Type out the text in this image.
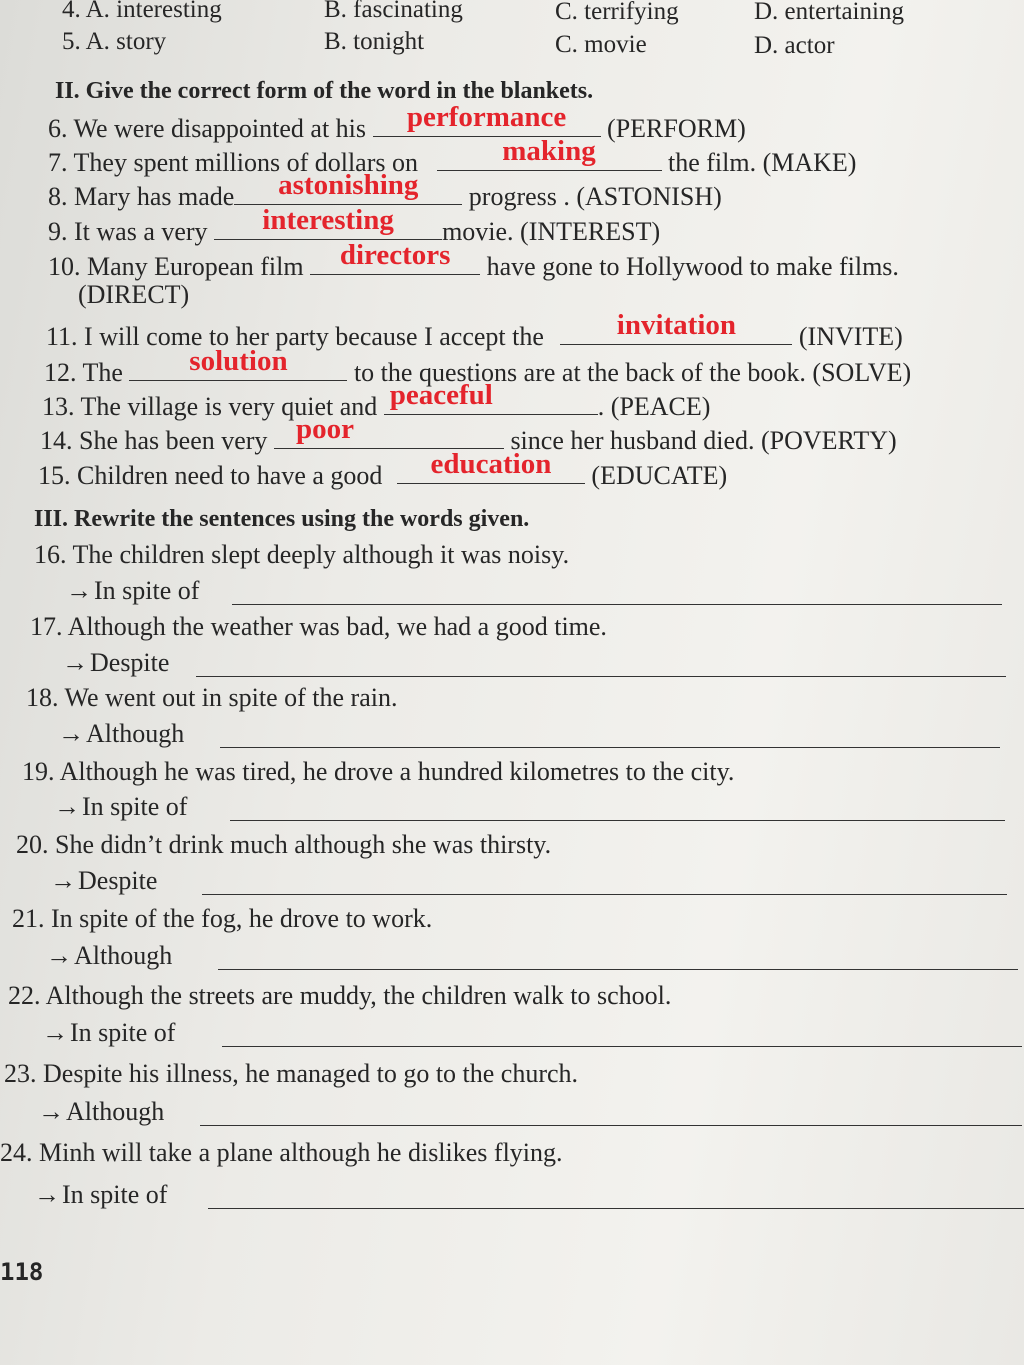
4. A. interesting	B. fascinating	C. terrifying	D. entertaining
5. A. story	B. tonight	C. movie	D. actor
II. Give the correct form of the word in the blankets.
6. We were disappointed at his	performance	(PERFORM)
7. They spent millions of dollars on	making	the film. (MAKE)
8. Mary has made	astonishing	progress . (ASTONISH)
9. It was a very	interesting	movie. (INTEREST)
10. Many European film	directors	have gone to Hollywood to make films.
(DIRECT)
11. I will come to her party because I accept the	invitation	(INVITE)
12. The	solution	to the questions are at the back of the book. (SOLVE)
13. The village is very quiet and peaceful	. (PEACE)
14. She has been very poor	since her husband died. (POVERTY)
15. Children need to have a good	education	(EDUCATE)
III. Rewrite the sentences using the words given.
16. The children slept deeply although it was noisy.
→In spite of
17. Although the weather was bad, we had a good time.
→Despite
18. We went out in spite of the rain.
→Although
19. Although he was tired, he drove a hundred kilometres to the city.
→In spite of
20. She didn’t drink much although she was thirsty.
→Despite
21. In spite of the fog, he drove to work.
→Although
22. Although the streets are muddy, the children walk to school.
→In spite of
23. Despite his illness, he managed to go to the church.
→Although
24. Minh will take a plane although he dislikes flying.
→In spite of
118
